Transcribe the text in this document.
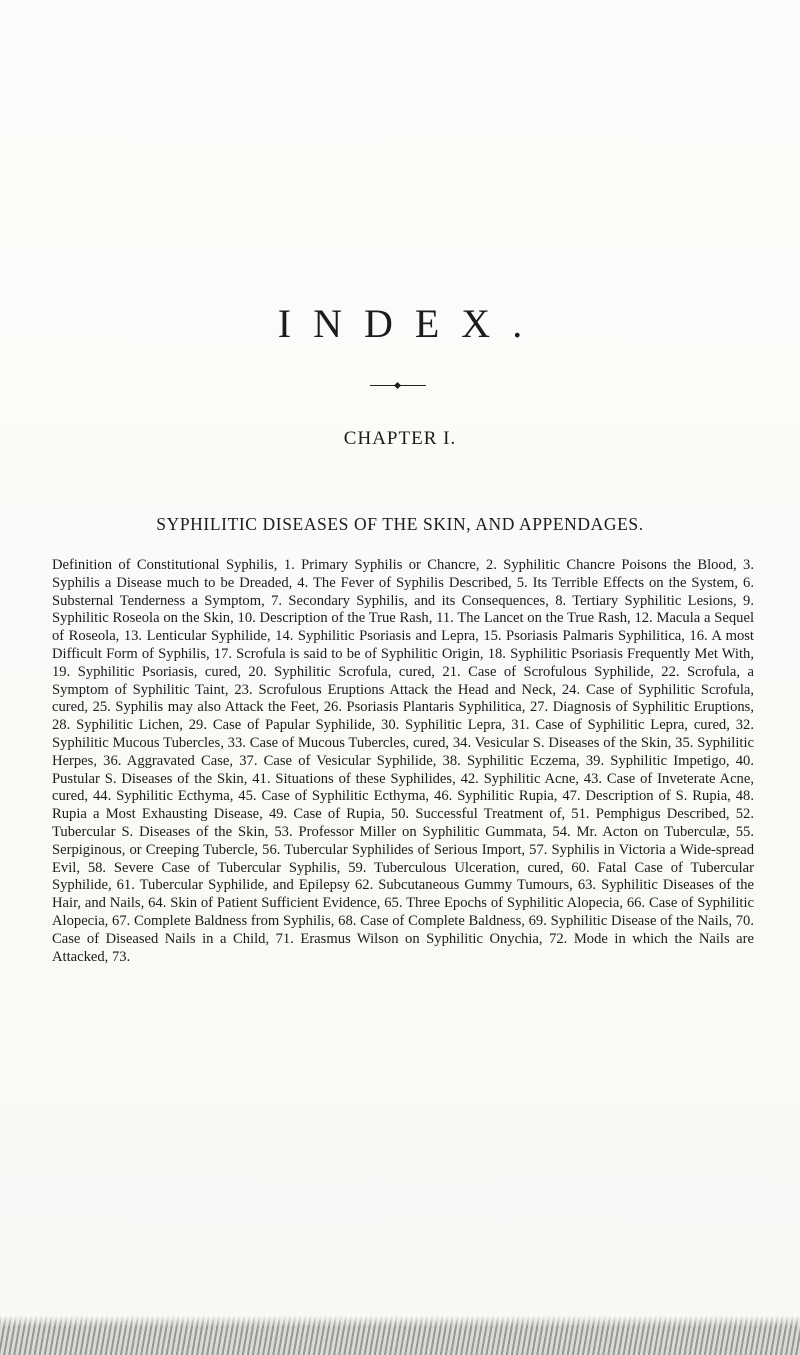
INDEX.
CHAPTER I.
SYPHILITIC DISEASES OF THE SKIN, AND APPENDAGES.

Definition of Constitutional Syphilis, 1. Primary Syphilis or Chancre, 2. Syphilitic Chancre Poisons the Blood, 3. Syphilis a Disease much to be Dreaded, 4. The Fever of Syphilis Described, 5. Its Terrible Effects on the System, 6. Substernal Tenderness a Symptom, 7. Secondary Syphilis, and its Consequences, 8. Tertiary Syphilitic Lesions, 9. Syphilitic Roseola on the Skin, 10. Description of the True Rash, 11. The Lancet on the True Rash, 12. Macula a Sequel of Roseola, 13. Lenticular Syphilide, 14. Syphilitic Psoriasis and Lepra, 15. Psoriasis Palmaris Syphilitica, 16. A most Difficult Form of Syphilis, 17. Scrofula is said to be of Syphilitic Origin, 18. Syphilitic Psoriasis Frequently Met With, 19. Syphilitic Psoriasis, cured, 20. Syphilitic Scrofula, cured, 21. Case of Scrofulous Syphilide, 22. Scrofula, a Symptom of Syphilitic Taint, 23. Scrofulous Eruptions Attack the Head and Neck, 24. Case of Syphilitic Scrofula, cured, 25. Syphilis may also Attack the Feet, 26. Psoriasis Plantaris Syphilitica, 27. Diagnosis of Syphilitic Eruptions, 28. Syphilitic Lichen, 29. Case of Papular Syphilide, 30. Syphilitic Lepra, 31. Case of Syphilitic Lepra, cured, 32. Syphilitic Mucous Tubercles, 33. Case of Mucous Tubercles, cured, 34. Vesicular S. Diseases of the Skin, 35. Syphilitic Herpes, 36. Aggravated Case, 37. Case of Vesicular Syphilide, 38. Syphilitic Eczema, 39. Syphilitic Impetigo, 40. Pustular S. Diseases of the Skin, 41. Situations of these Syphilides, 42. Syphilitic Acne, 43. Case of Inveterate Acne, cured, 44. Syphilitic Ecthyma, 45. Case of Syphilitic Ecthyma, 46. Syphilitic Rupia, 47. Description of S. Rupia, 48. Rupia a Most Exhausting Disease, 49. Case of Rupia, 50. Successful Treatment of, 51. Pemphigus Described, 52. Tubercular S. Diseases of the Skin, 53. Professor Miller on Syphilitic Gummata, 54. Mr. Acton on Tuberculæ, 55. Serpiginous, or Creeping Tubercle, 56. Tubercular Syphilides of Serious Import, 57. Syphilis in Victoria a Wide-spread Evil, 58. Severe Case of Tubercular Syphilis, 59. Tuberculous Ulceration, cured, 60. Fatal Case of Tubercular Syphilide, 61. Tubercular Syphilide, and Epilepsy 62. Subcutaneous Gummy Tumours, 63. Syphilitic Diseases of the Hair, and Nails, 64. Skin of Patient Sufficient Evidence, 65. Three Epochs of Syphilitic Alopecia, 66. Case of Syphilitic Alopecia, 67. Complete Baldness from Syphilis, 68. Case of Complete Baldness, 69. Syphilitic Disease of the Nails, 70. Case of Diseased Nails in a Child, 71. Erasmus Wilson on Syphilitic Onychia, 72. Mode in which the Nails are Attacked, 73.
